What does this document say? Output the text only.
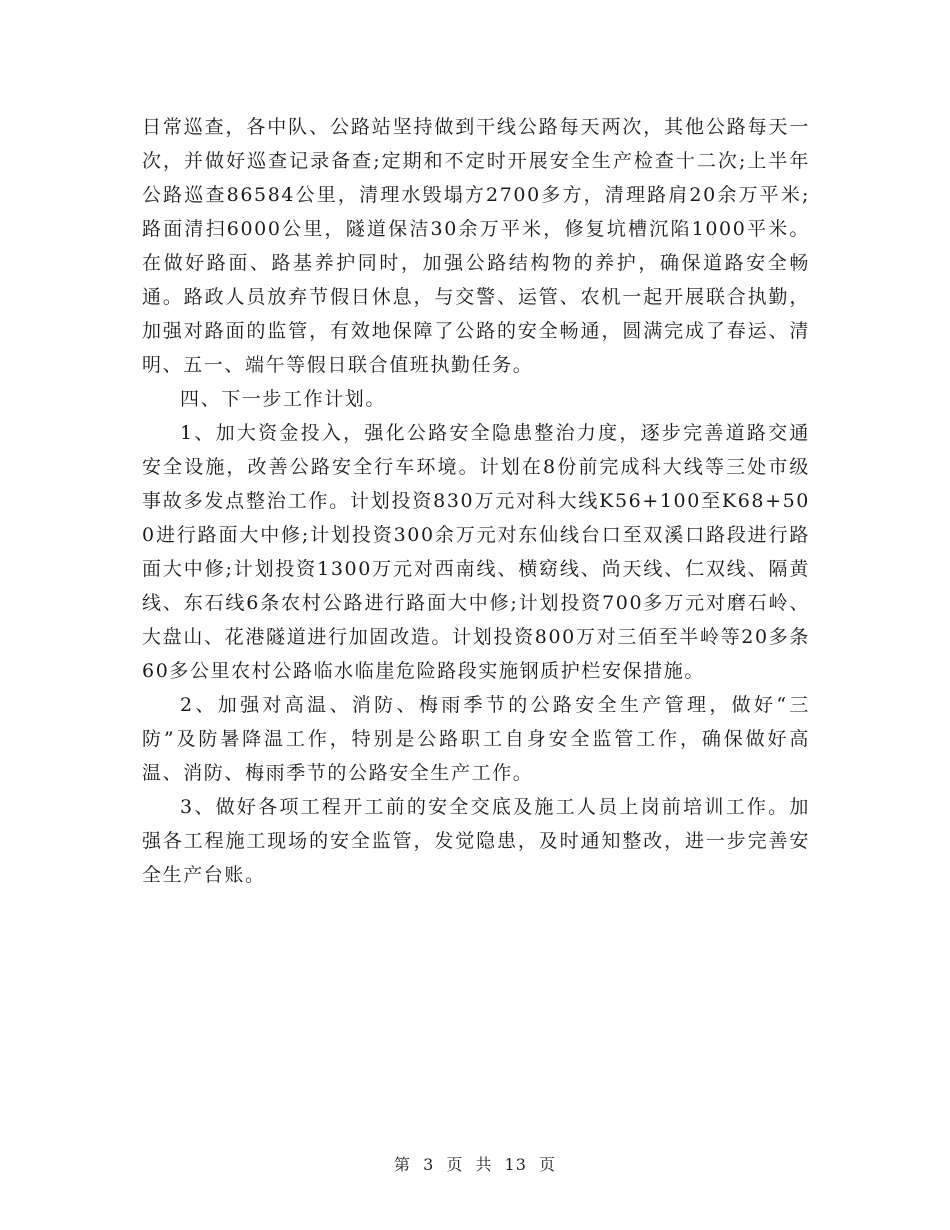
日常巡查，各中队、公路站坚持做到干线公路每天两次，其他公路每天一次，并做好巡查记录备查;定期和不定时开展安全生产检查十二次;上半年公路巡查86584公里，清理水毁塌方2700多方，清理路肩20余万平米;路面清扫6000公里，隧道保洁30余万平米，修复坑槽沉陷1000平米。在做好路面、路基养护同时，加强公路结构物的养护，确保道路安全畅通。路政人员放弃节假日休息，与交警、运管、农机一起开展联合执勤，加强对路面的监管，有效地保障了公路的安全畅通，圆满完成了春运、清明、五一、端午等假日联合值班执勤任务。

四、下一步工作计划。

1、加大资金投入，强化公路安全隐患整治力度，逐步完善道路交通安全设施，改善公路安全行车环境。计划在8份前完成科大线等三处市级事故多发点整治工作。计划投资830万元对科大线K56+100至K68+500进行路面大中修;计划投资300余万元对东仙线台口至双溪口路段进行路面大中修;计划投资1300万元对西南线、横窈线、尚天线、仁双线、隔黄线、东石线6条农村公路进行路面大中修;计划投资700多万元对磨石岭、大盘山、花港隧道进行加固改造。计划投资800万对三佰至半岭等20多条60多公里农村公路临水临崖危险路段实施钢质护栏安保措施。

2、加强对高温、消防、梅雨季节的公路安全生产管理，做好“三防”及防暑降温工作，特别是公路职工自身安全监管工作，确保做好高温、消防、梅雨季节的公路安全生产工作。

3、做好各项工程开工前的安全交底及施工人员上岗前培训工作。加强各工程施工现场的安全监管，发觉隐患，及时通知整改，进一步完善安全生产台账。

第 3 页 共 13 页
